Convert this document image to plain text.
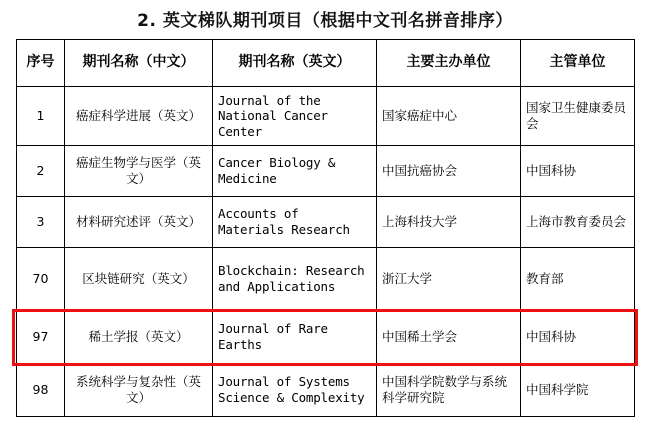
2. 英文梯队期刊项目（根据中文刊名拼音排序）
序号	期刊名称（中文）	期刊名称（英文）	主要主办单位	主管单位
1	癌症科学进展（英文）	Journal of the National Cancer Center	国家癌症中心	国家卫生健康委员会
2	癌症生物学与医学（英文）	Cancer Biology & Medicine	中国抗癌协会	中国科协
3	材料研究述评（英文）	Accounts of Materials Research	上海科技大学	上海市教育委员会
70	区块链研究（英文）	Blockchain: Research and Applications	浙江大学	教育部
97	稀土学报（英文）	Journal of Rare Earths	中国稀土学会	中国科协
98	系统科学与复杂性（英文）	Journal of Systems Science & Complexity	中国科学院数学与系统科学研究院	中国科学院
